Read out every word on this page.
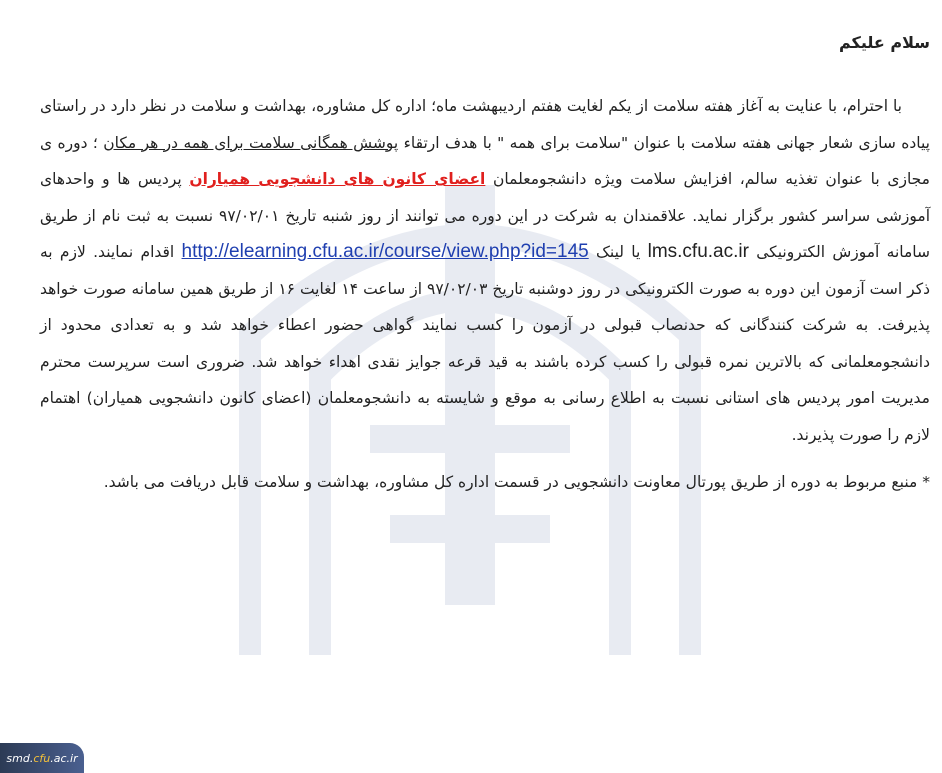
سلام علیکم

با احترام، با عنایت به آغاز هفته سلامت از یکم لغایت هفتم اردیبهشت ماه؛ اداره کل مشاوره، بهداشت و سلامت در نظر دارد در راستای پیاده سازی شعار جهانی هفته سلامت با عنوان "سلامت برای همه " با هدف ارتقاء پوشش همگانی سلامت برای همه در هر مکان ؛ دوره ی مجازی با عنوان تغذیه سالم، افزایش سلامت ویژه دانشجومعلمان اعضای کانون های دانشجویی همیاران پردیس ها و واحدهای آموزشی سراسر کشور برگزار نماید. علاقمندان به شرکت در این دوره می توانند از روز شنبه تاریخ ۹۷/۰۲/۰۱ نسبت به ثبت نام از طریق سامانه آموزش الکترونیکی lms.cfu.ac.ir یا لینک http://elearning.cfu.ac.ir/course/view.php?id=145 اقدام نمایند. لازم به ذکر است آزمون این دوره به صورت الکترونیکی در روز دوشنبه تاریخ ۹۷/۰۲/۰۳ از ساعت ۱۴ لغایت ۱۶ از طریق همین سامانه صورت خواهد پذیرفت. به شرکت کنندگانی که حدنصاب قبولی در آزمون را کسب نمایند گواهی حضور اعطاء خواهد شد و به تعدادی محدود از دانشجومعلمانی که بالاترین نمره قبولی را کسب کرده باشند به قید قرعه جوایز نقدی اهداء خواهد شد. ضروری است سرپرست محترم مدیریت امور پردیس های استانی نسبت به اطلاع رسانی به موقع و شایسته به دانشجومعلمان (اعضای کانون دانشجویی همیاران) اهتمام لازم را صورت پذیرند.

* منبع مربوط به دوره از طریق پورتال معاونت دانشجویی در قسمت اداره کل مشاوره، بهداشت و سلامت قابل دریافت می باشد.

smd. cfu .ac.ir
